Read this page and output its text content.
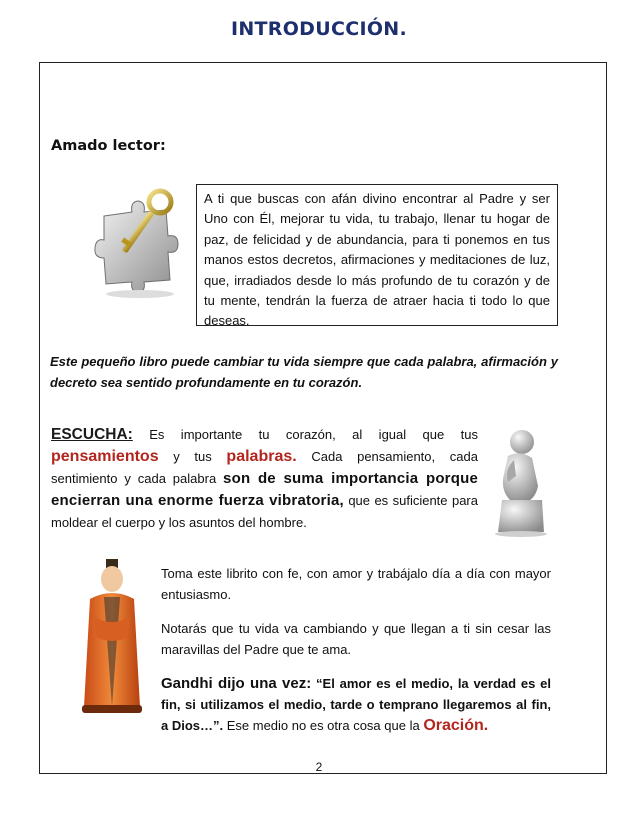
INTRODUCCIÓN.
Amado lector:
A ti que buscas con afán divino encontrar al Padre y ser Uno con Él, mejorar tu vida, tu trabajo, llenar tu hogar de paz, de felicidad y de abundancia, para ti ponemos en tus manos estos decretos, afirmaciones y meditaciones de luz, que, irradiados desde lo más profundo de tu corazón y de tu mente, tendrán la fuerza de atraer hacia ti todo lo que deseas.
Este pequeño libro puede cambiar tu vida siempre que cada palabra, afirmación y decreto sea sentido profundamente en tu corazón.
ESCUCHA: Es importante tu corazón, al igual que tus pensamientos y tus palabras. Cada pensamiento, cada sentimiento y cada palabra son de suma importancia porque encierran una enorme fuerza vibratoria, que es suficiente para moldear el cuerpo y los asuntos del hombre.

Toma este librito con fe, con amor y trabájalo día a día con mayor entusiasmo.

Notarás que tu vida va cambiando y que llegan a ti sin cesar las maravillas del Padre que te ama.

Gandhi dijo una vez: “El amor es el medio, la verdad es el fin, si utilizamos el medio, tarde o temprano llegaremos al fin, a Dios…”. Ese medio no es otra cosa que la Oración.

2
